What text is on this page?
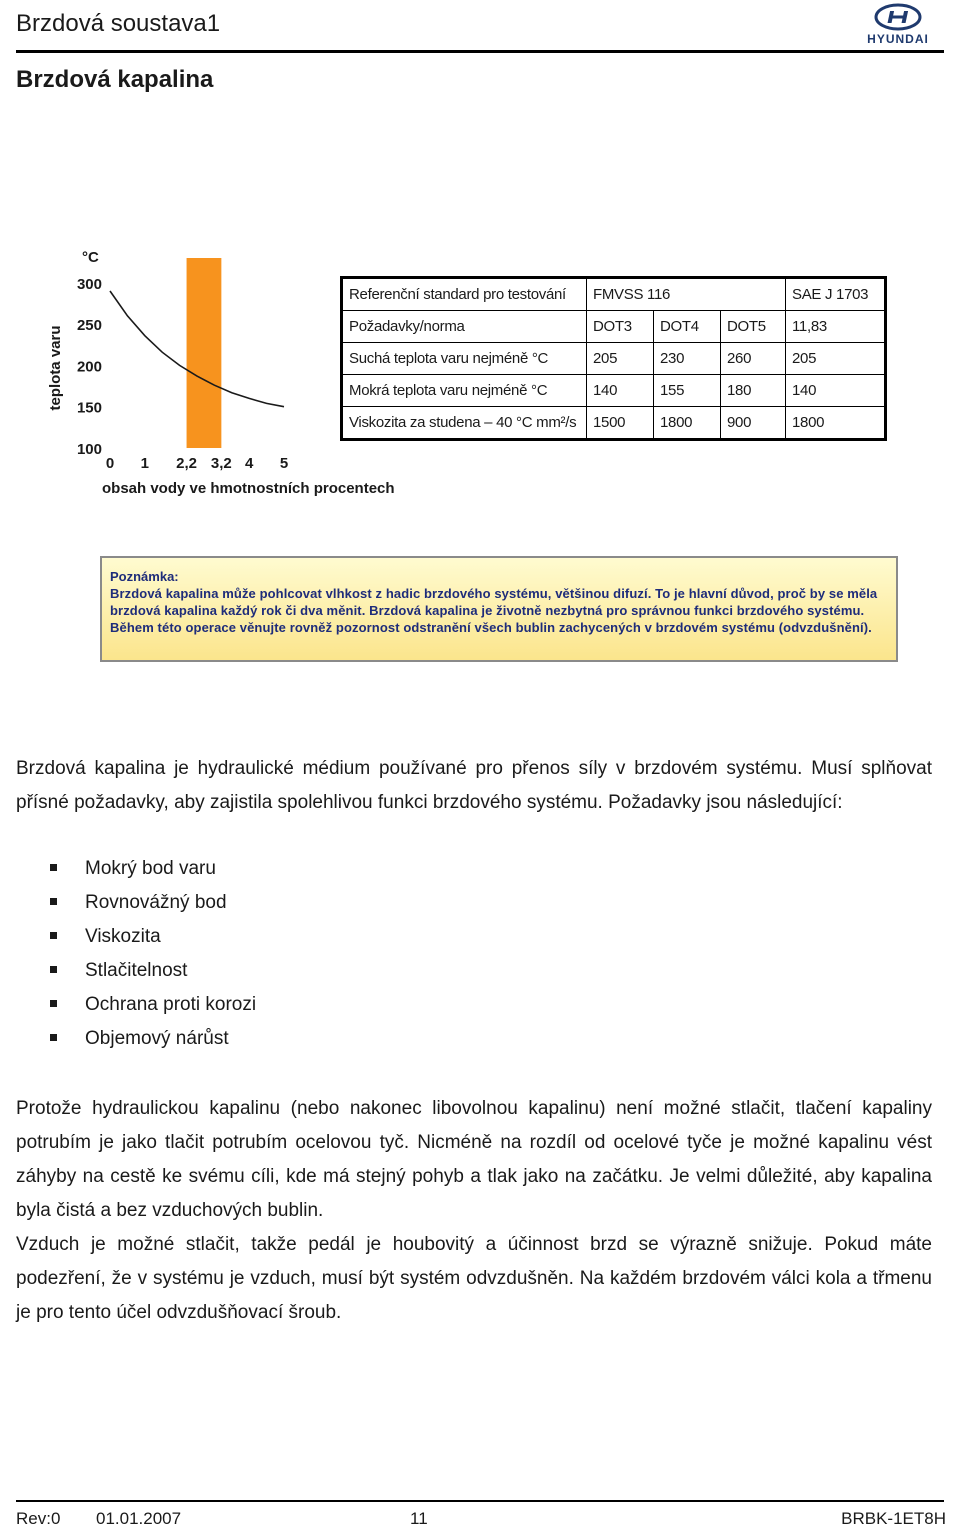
Brzdová soustava1
HYUNDAI
Brzdová kapalina
100
150
200
250
300
°C
teplota varu
0 1 2,2 3,2 4 5
obsah vody ve hmotnostních procentech
Referenční standard pro testování	FMVSS 116			SAE J 1703
Požadavky/norma	DOT3	DOT4	DOT5	11,83
Suchá teplota varu nejméně °C	205	230	260	205
Mokrá teplota varu nejméně °C	140	155	180	140
Viskozita za studena – 40 °C mm²/s	1500	1800	900	1800
Poznámka:
Brzdová kapalina může pohlcovat vlhkost z hadic brzdového systému, většinou difuzí. To je hlavní důvod, proč by se měla brzdová kapalina každý rok či dva měnit. Brzdová kapalina je životně nezbytná pro správnou funkci brzdového systému. Během této operace věnujte rovněž pozornost odstranění všech bublin zachycených v brzdovém systému (odvzdušnění).

Brzdová kapalina je hydraulické médium používané pro přenos síly v brzdovém systému. Musí splňovat přísné požadavky, aby zajistila spolehlivou funkci brzdového systému. Požadavky jsou následující:

Mokrý bod varu
Rovnovážný bod
Viskozita
Stlačitelnost
Ochrana proti korozi
Objemový nárůst

Protože hydraulickou kapalinu (nebo nakonec libovolnou kapalinu) není možné stlačit, tlačení kapaliny potrubím je jako tlačit potrubím ocelovou tyč. Nicméně na rozdíl od ocelové tyče je možné kapalinu vést záhyby na cestě ke svému cíli, kde má stejný pohyb a tlak jako na začátku. Je velmi důležité, aby kapalina byla čistá a bez vzduchových bublin.

Vzduch je možné stlačit, takže pedál je houbovitý a účinnost brzd se výrazně snižuje. Pokud máte podezření, že v systému je vzduch, musí být systém odvzdušněn. Na každém brzdovém válci kola a třmenu je pro tento účel odvzdušňovací šroub.

Rev:0 01.01.2007	11	BRBK-1ET8H
